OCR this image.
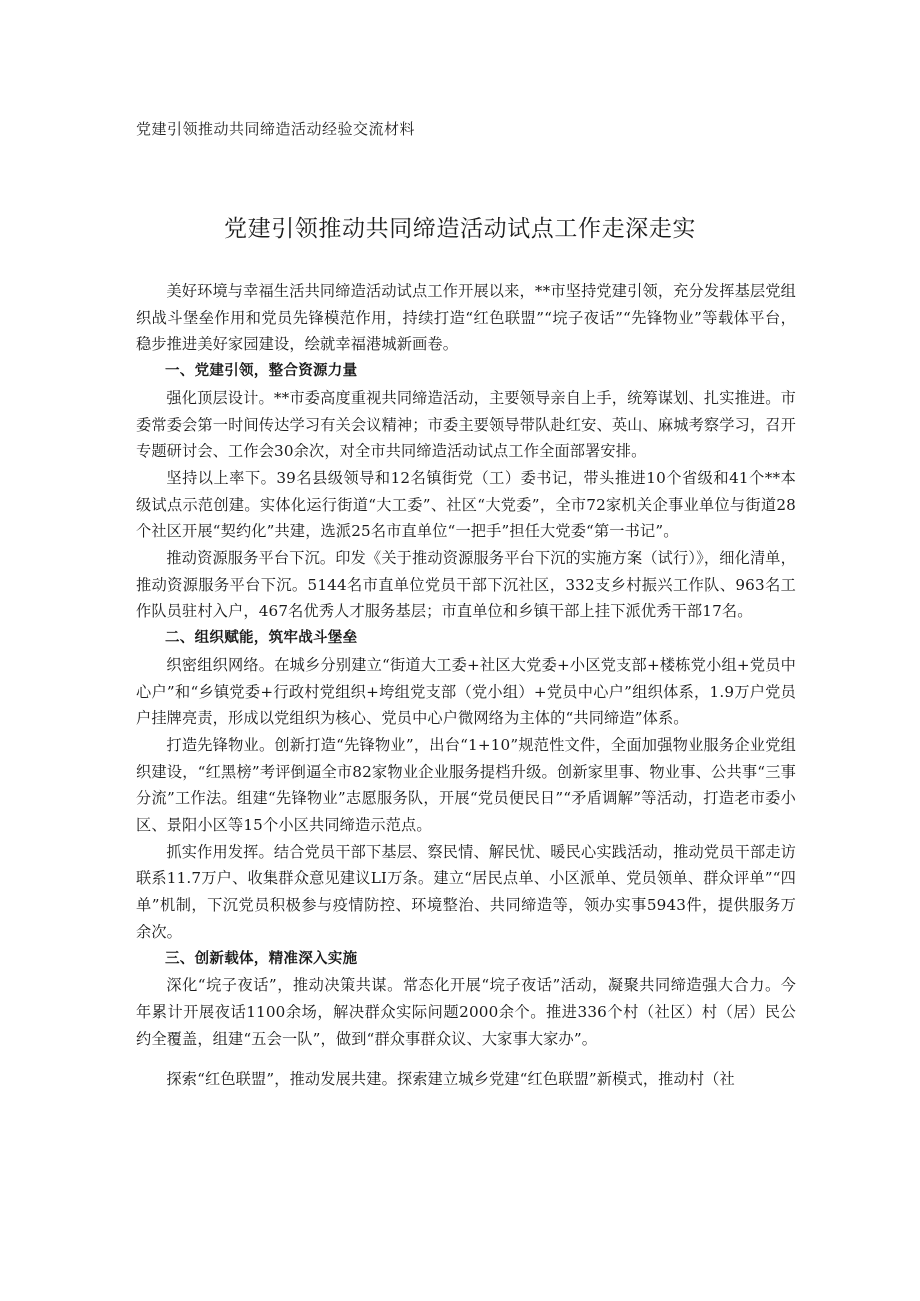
党建引领推动共同缔造活动经验交流材料
党建引领推动共同缔造活动试点工作走深走实

美好环境与幸福生活共同缔造活动试点工作开展以来，**市坚持党建引领，充分发挥基层党组织战斗堡垒作用和党员先锋模范作用，持续打造“红色联盟”“垸子夜话”“先锋物业”等载体平台，稳步推进美好家园建设，绘就幸福港城新画卷。

一、党建引领，整合资源力量

强化顶层设计。**市委高度重视共同缔造活动，主要领导亲自上手，统筹谋划、扎实推进。市委常委会第一时间传达学习有关会议精神；市委主要领导带队赴红安、英山、麻城考察学习，召开专题研讨会、工作会30余次，对全市共同缔造活动试点工作全面部署安排。

坚持以上率下。39名县级领导和12名镇街党（工）委书记，带头推进10个省级和41个**本级试点示范创建。实体化运行街道“大工委”、社区“大党委”，全市72家机关企事业单位与街道28个社区开展“契约化”共建，选派25名市直单位“一把手”担任大党委“第一书记”。

推动资源服务平台下沉。印发《关于推动资源服务平台下沉的实施方案（试行）》，细化清单，推动资源服务平台下沉。5144名市直单位党员干部下沉社区，332支乡村振兴工作队、963名工作队员驻村入户，467名优秀人才服务基层；市直单位和乡镇干部上挂下派优秀干部17名。

二、组织赋能，筑牢战斗堡垒

织密组织网络。在城乡分别建立“街道大工委+社区大党委+小区党支部+楼栋党小组+党员中心户”和“乡镇党委+行政村党组织+垮组党支部（党小组）+党员中心户”组织体系，1.9万户党员户挂牌亮责，形成以党组织为核心、党员中心户微网络为主体的“共同缔造”体系。

打造先锋物业。创新打造“先锋物业”，出台“1+10”规范性文件，全面加强物业服务企业党组织建设，“红黑榜”考评倒逼全市82家物业企业服务提档升级。创新家里事、物业事、公共事“三事分流”工作法。组建“先锋物业”志愿服务队，开展“党员便民日”“矛盾调解”等活动，打造老市委小区、景阳小区等15个小区共同缔造示范点。

抓实作用发挥。结合党员干部下基层、察民情、解民忧、暖民心实践活动，推动党员干部走访联系11.7万户、收集群众意见建议LI万条。建立“居民点单、小区派单、党员领单、群众评单”“四单”机制，下沉党员积极参与疫情防控、环境整治、共同缔造等，领办实事5943件，提供服务万余次。

三、创新载体，精准深入实施

深化“垸子夜话”，推动决策共谋。常态化开展“垸子夜话”活动，凝聚共同缔造强大合力。今年累计开展夜话1100余场，解决群众实际问题2000余个。推进336个村（社区）村（居）民公约全覆盖，组建“五会一队”，做到“群众事群众议、大家事大家办”。

探索“红色联盟”，推动发展共建。探索建立城乡党建“红色联盟”新模式，推动村（社
